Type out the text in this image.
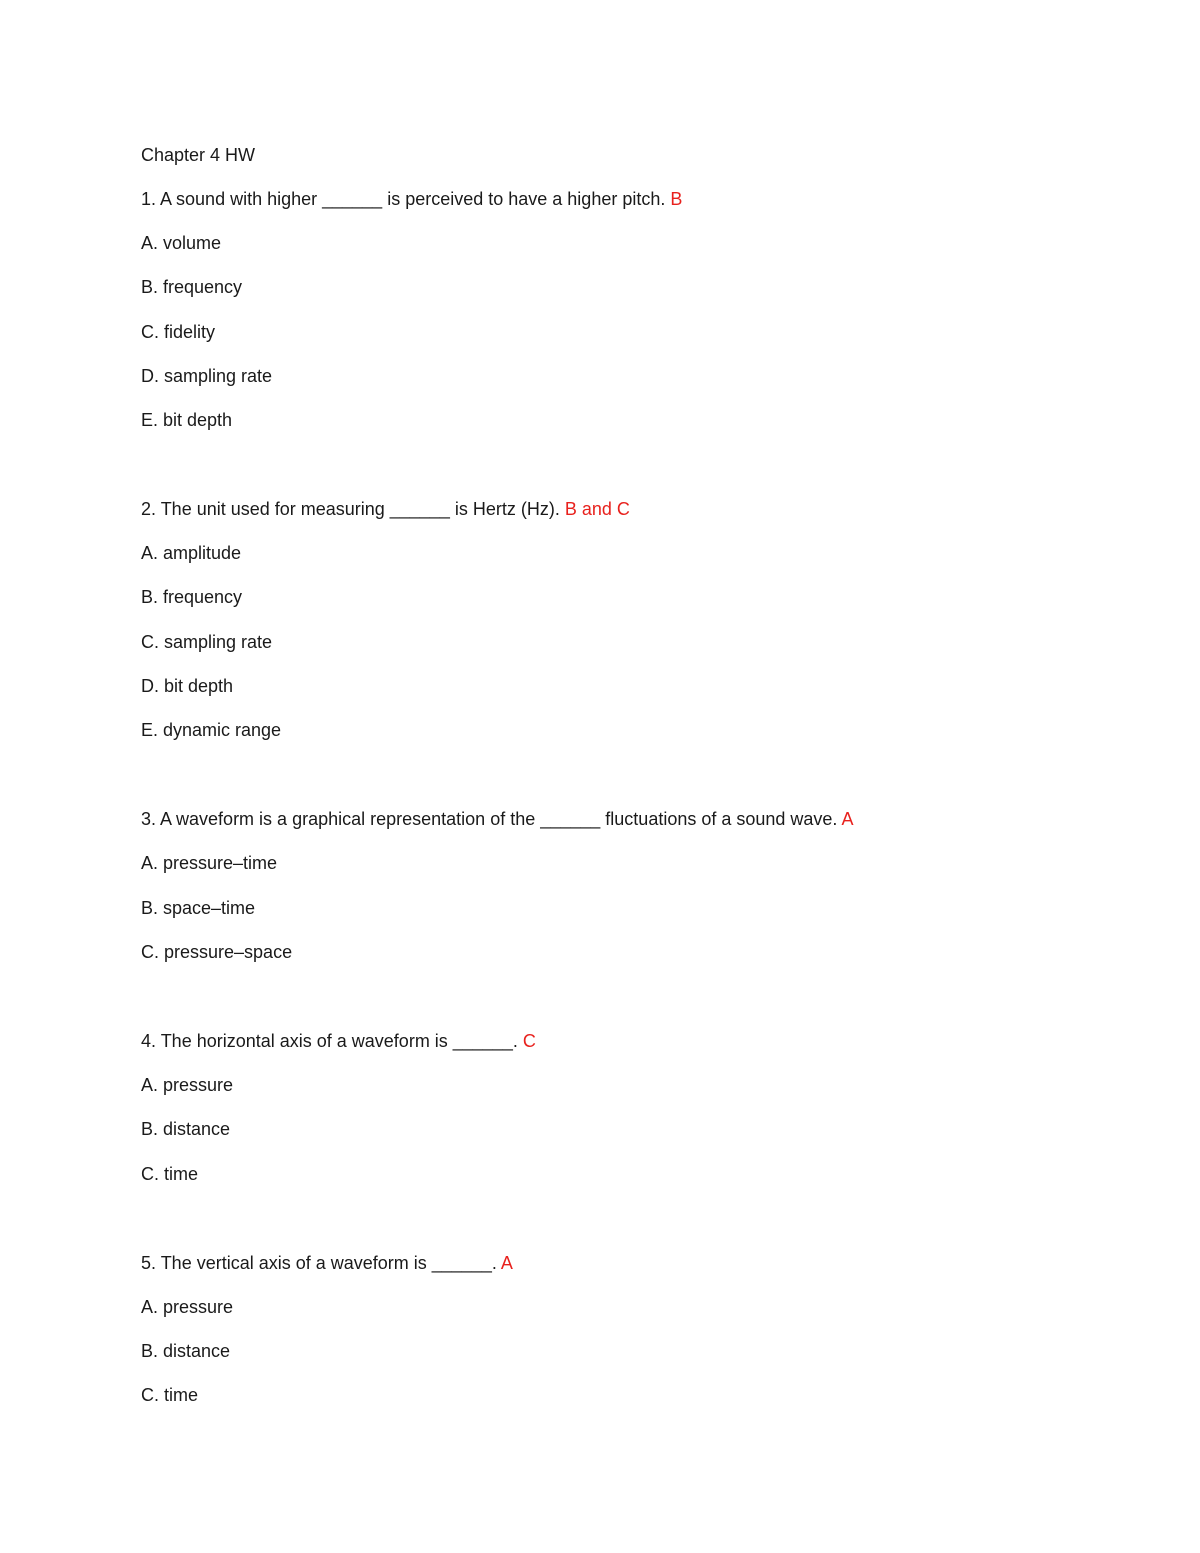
Chapter 4 HW
1. A sound with higher ______ is perceived to have a higher pitch. B
A. volume
B. frequency
C. fidelity
D. sampling rate
E. bit depth
2. The unit used for measuring ______ is Hertz (Hz). B and C
A. amplitude
B. frequency
C. sampling rate
D. bit depth
E. dynamic range
3. A waveform is a graphical representation of the ______ fluctuations of a sound wave. A
A. pressure–time
B. space–time
C. pressure–space
4. The horizontal axis of a waveform is ______. C
A. pressure
B. distance
C. time
5. The vertical axis of a waveform is ______. A
A. pressure
B. distance
C. time
